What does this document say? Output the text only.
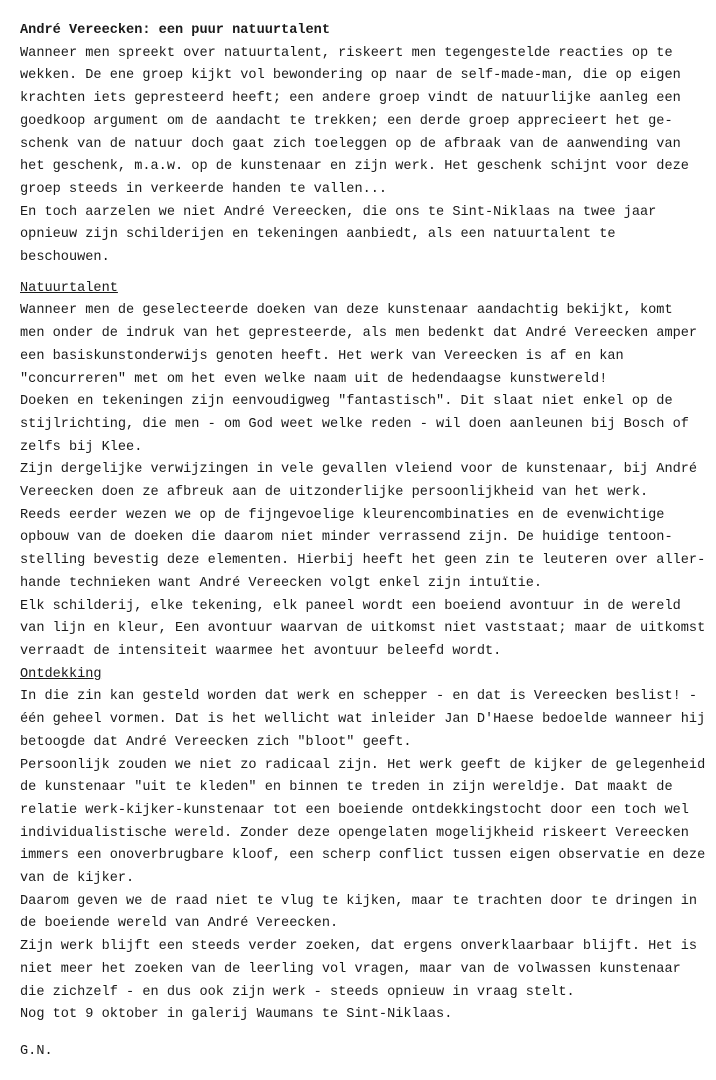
André Vereecken: een puur natuurtalent
Wanneer men spreekt over natuurtalent, riskeert men tegengestelde reacties op te
wekken. De ene groep kijkt vol bewondering op naar de self-made-man, die op eigen
krachten iets gepresteerd heeft; een andere groep vindt de natuurlijke aanleg een
goedkoop argument om de aandacht te trekken; een derde groep apprecieert het ge-
schenk van de natuur doch gaat zich toeleggen op de afbraak van de aanwending van
het geschenk, m.a.w. op de kunstenaar en zijn werk. Het geschenk schijnt voor deze
groep steeds in verkeerde handen te vallen...
En toch aarzelen we niet André Vereecken, die ons te Sint-Niklaas na twee jaar
opnieuw zijn schilderijen en tekeningen aanbiedt, als een natuurtalent te
beschouwen.
Natuurtalent
Wanneer men de geselecteerde doeken van deze kunstenaar aandachtig bekijkt, komt
men onder de indruk van het gepresteerde, als men bedenkt dat André Vereecken amper
een basiskunstonderwijs genoten heeft. Het werk van Vereecken is af en kan
"concurreren" met om het even welke naam uit de hedendaagse kunstwereld!
Doeken en tekeningen zijn eenvoudigweg "fantastisch". Dit slaat niet enkel op de
stijlrichting, die men - om God weet welke reden - wil doen aanleunen bij Bosch of
zelfs bij Klee.
Zijn dergelijke verwijzingen in vele gevallen vleiend voor de kunstenaar, bij André
Vereecken doen ze afbreuk aan de uitzonderlijke persoonlijkheid van het werk.
Reeds eerder wezen we op de fijngevoelige kleurencombinaties en de evenwichtige
opbouw van de doeken die daarom niet minder verrassend zijn. De huidige tentoon-
stelling bevestig deze elementen. Hierbij heeft het geen zin te leuteren over aller-
hande technieken want André Vereecken volgt enkel zijn intuïtie.
Elk schilderij, elke tekening, elk paneel wordt een boeiend avontuur in de wereld
van lijn en kleur, Een avontuur waarvan de uitkomst niet vaststaat; maar de uitkomst
verraadt de intensiteit waarmee het avontuur beleefd wordt.
Ontdekking
In die zin kan gesteld worden dat werk en schepper - en dat is Vereecken beslist! -
één geheel vormen. Dat is het wellicht wat inleider Jan D'Haese bedoelde wanneer hij
betoogde dat André Vereecken zich "bloot" geeft.
Persoonlijk zouden we niet zo radicaal zijn. Het werk geeft de kijker de gelegenheid
de kunstenaar "uit te kleden" en binnen te treden in zijn wereldje. Dat maakt de
relatie werk-kijker-kunstenaar tot een boeiende ontdekkingstocht door een toch wel
individualistische wereld. Zonder deze opengelaten mogelijkheid riskeert Vereecken
immers een onoverbrugbare kloof, een scherp conflict tussen eigen observatie en deze
van de kijker.
Daarom geven we de raad niet te vlug te kijken, maar te trachten door te dringen in
de boeiende wereld van André Vereecken.
Zijn werk blijft een steeds verder zoeken, dat ergens onverklaarbaar blijft. Het is
niet meer het zoeken van de leerling vol vragen, maar van de volwassen kunstenaar
die zichzelf - en dus ook zijn werk - steeds opnieuw in vraag stelt.
Nog tot 9 oktober in galerij Waumans te Sint-Niklaas.
G.N.
